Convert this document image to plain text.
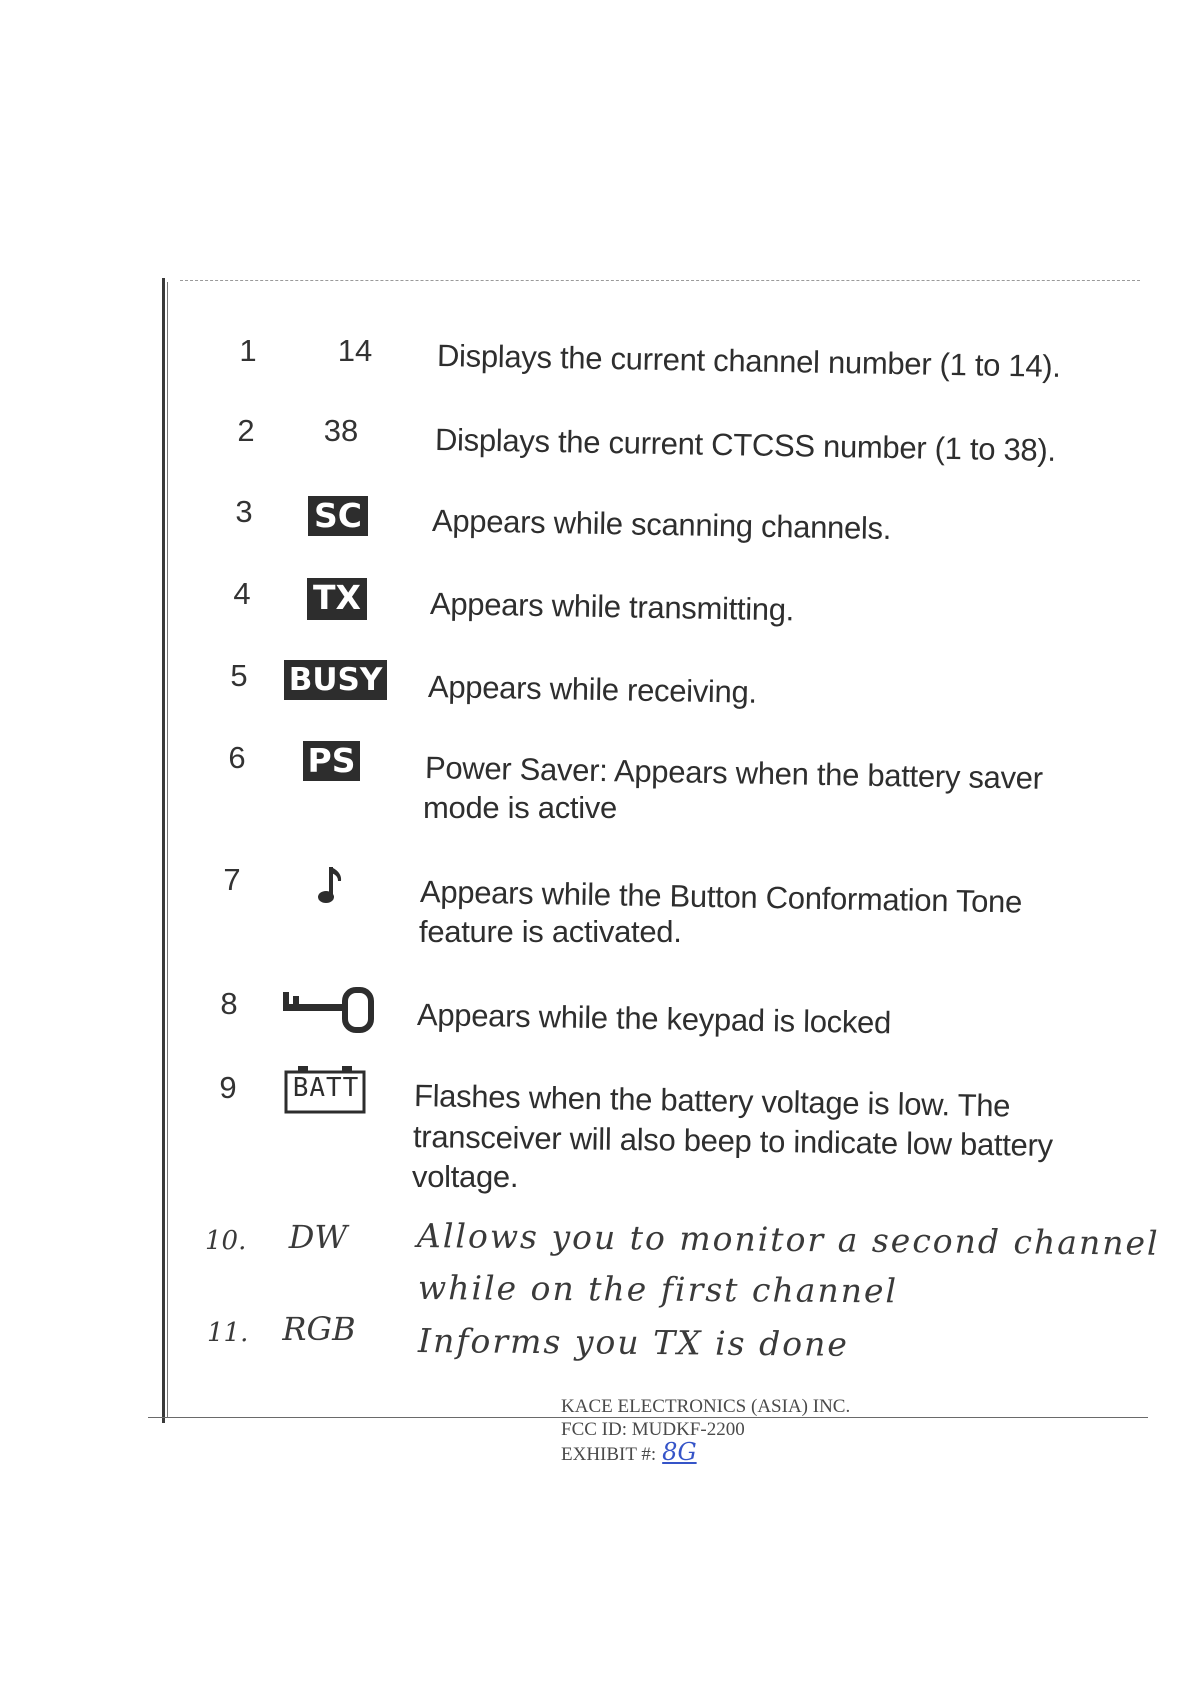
1	14	Displays the current channel number (1 to 14).
2	38	Displays the current CTCSS number (1 to 38).
3	SC Appears while scanning channels.
4	TX Appears while transmitting.
5	BUSY Appears while receiving.
6	PS Power Saver: Appears when the battery saver
mode is active
7	Appears while the Button Conformation Tone
feature is activated.
8	Appears while the keypad is locked
9	BATT Flashes when the battery voltage is low. The
transceiver will also beep to indicate low battery
voltage.
10. DW Allows you to monitor a second channel
while on the first channel
11. RGB Informs you TX is done
KACE ELECTRONICS (ASIA) INC.
FCC ID: MUDKF-2200
EXHIBIT #: 8G
